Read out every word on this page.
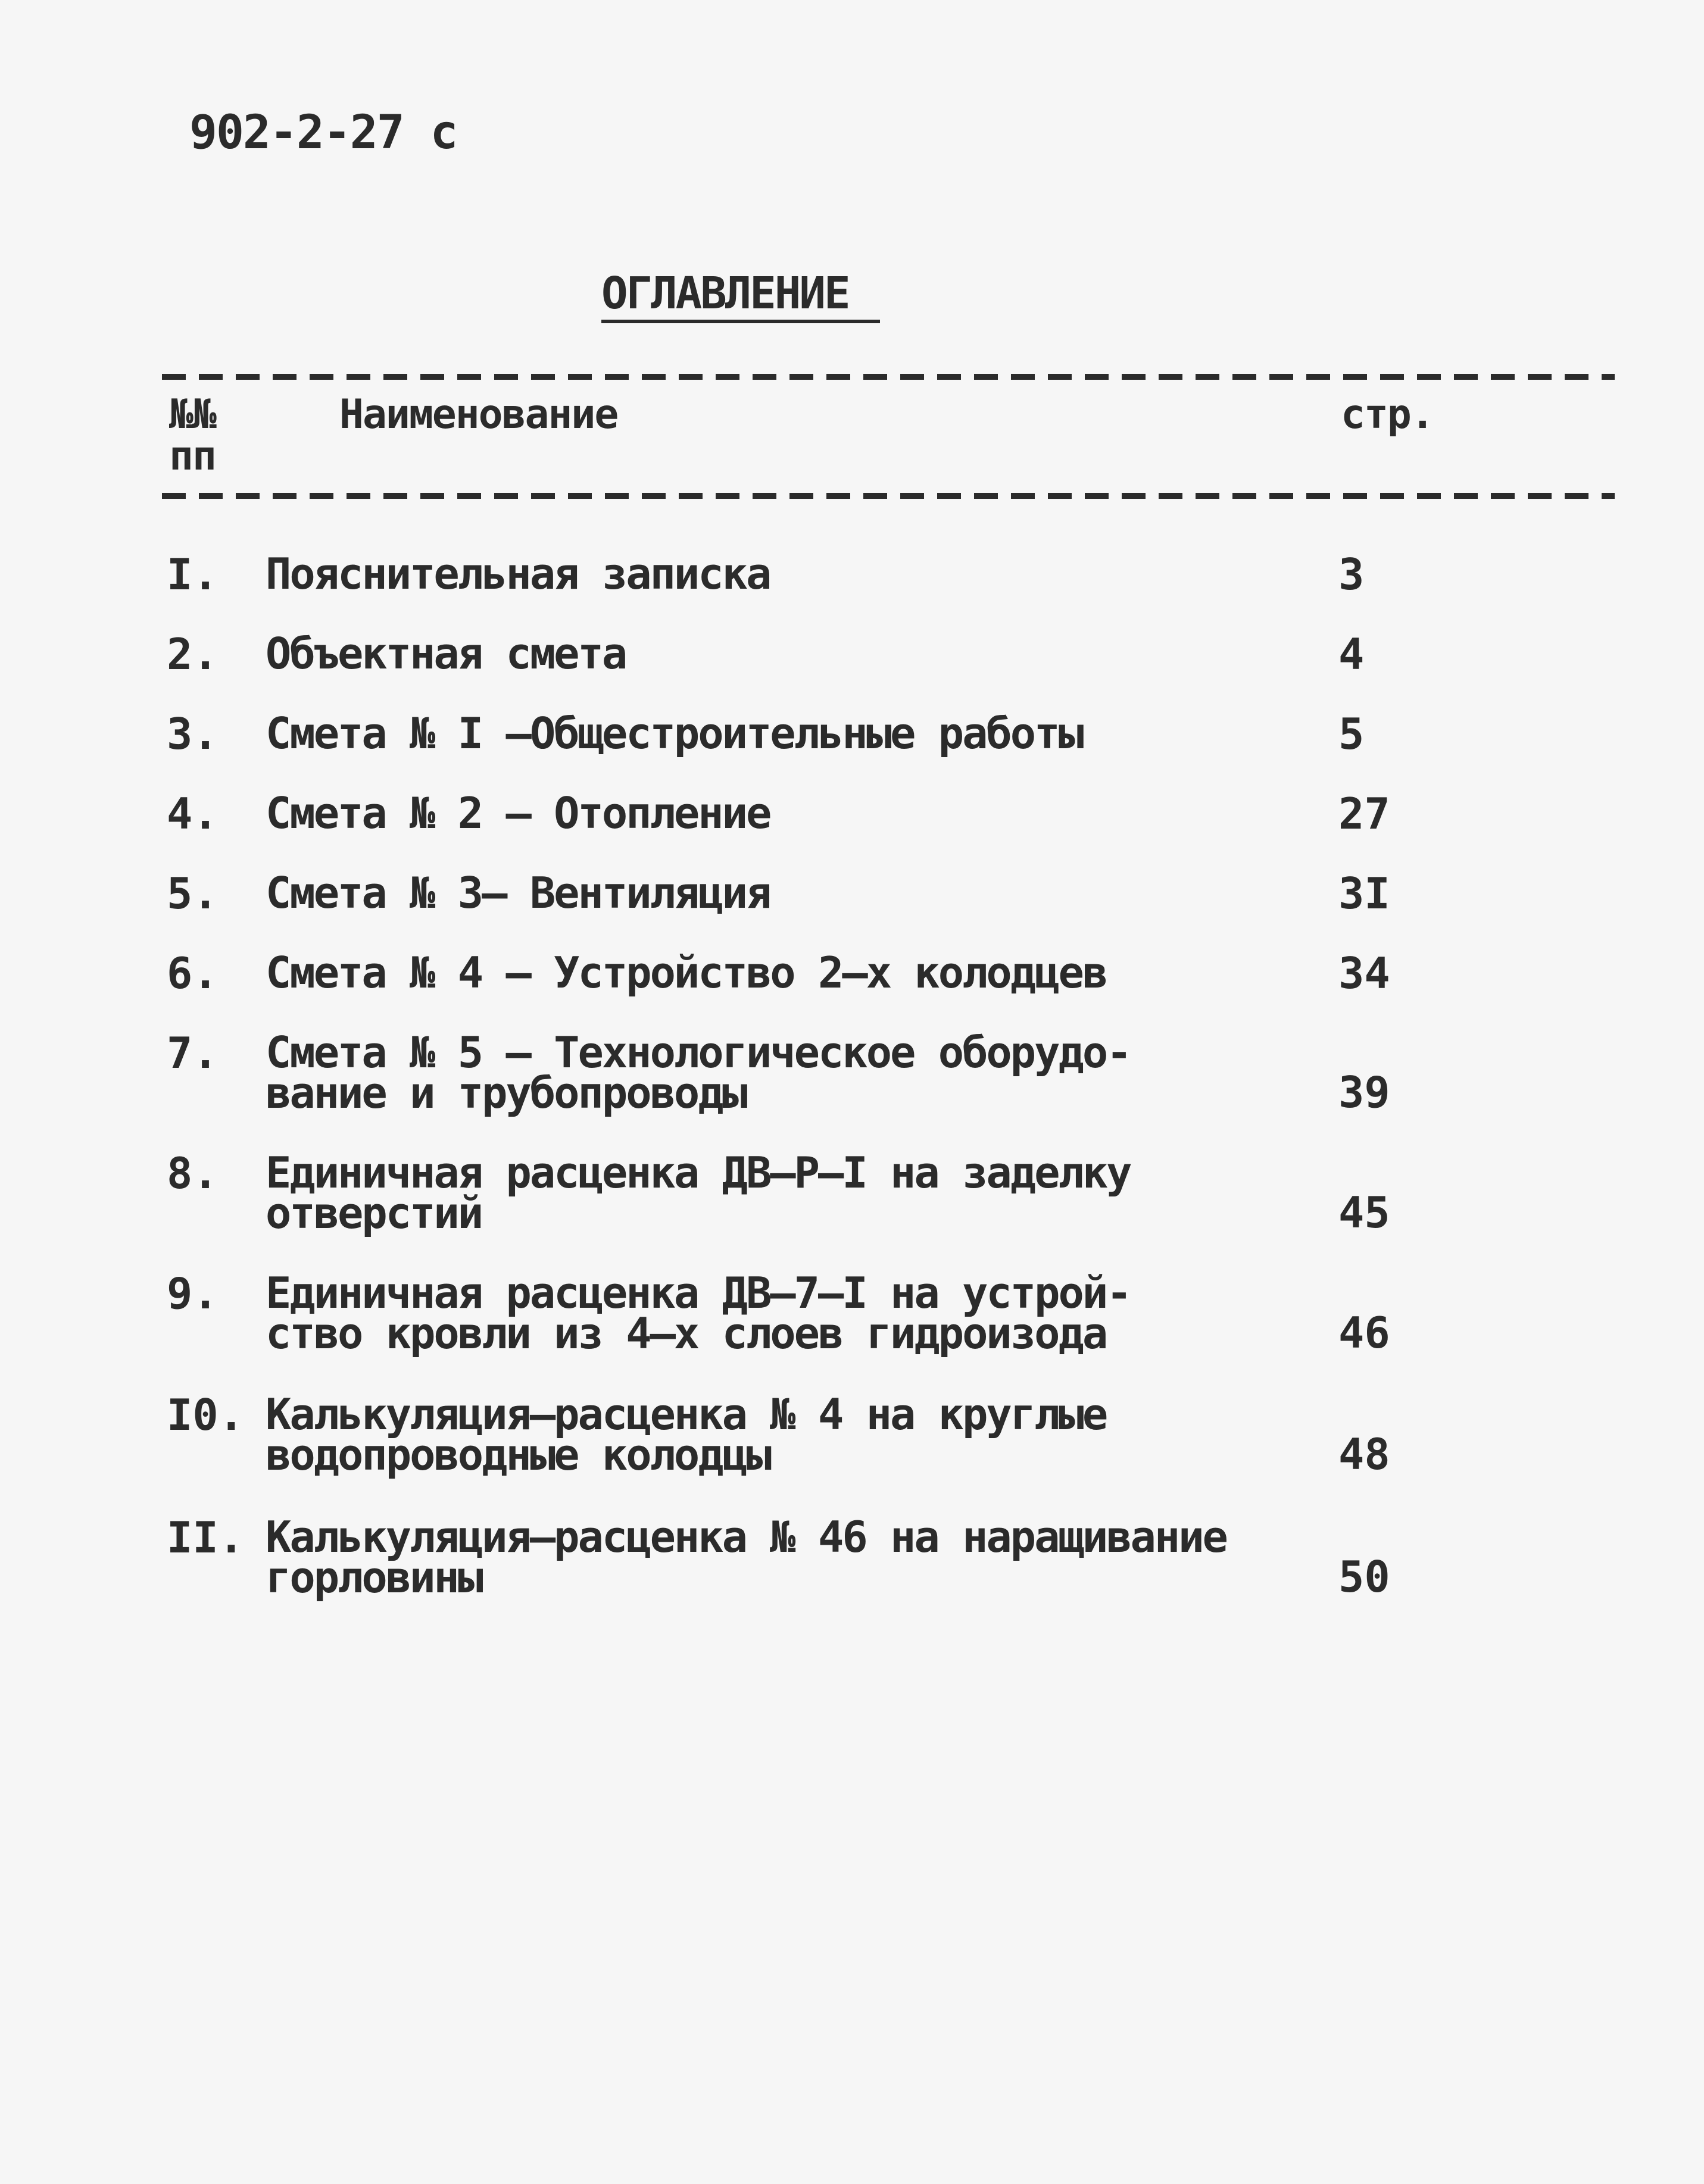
902-2-27 с
ОГЛАВЛЕНИЕ
№№ пп
Наименование	стр.
I. Пояснительная записка	3
2. Объектная смета	4
3. Смета № I –Общестроительные работы	5
4. Смета № 2 – Отопление	27
5. Смета № 3– Вентиляция	3I
6. Смета № 4 – Устройство 2–х колодцев	34
7. Смета № 5 – Технологическое оборудо-
вание и трубопроводы	39
8. Единичная расценка ДВ–Р–I на заделку
отверстий	45
9. Единичная расценка ДВ–7–I на устрой-
ство кровли из 4–х слоев гидроизода	46
I0. Калькуляция–расценка № 4 на круглые
водопроводные колодцы	48
II. Калькуляция–расценка № 46 на наращивание
горловины	50
